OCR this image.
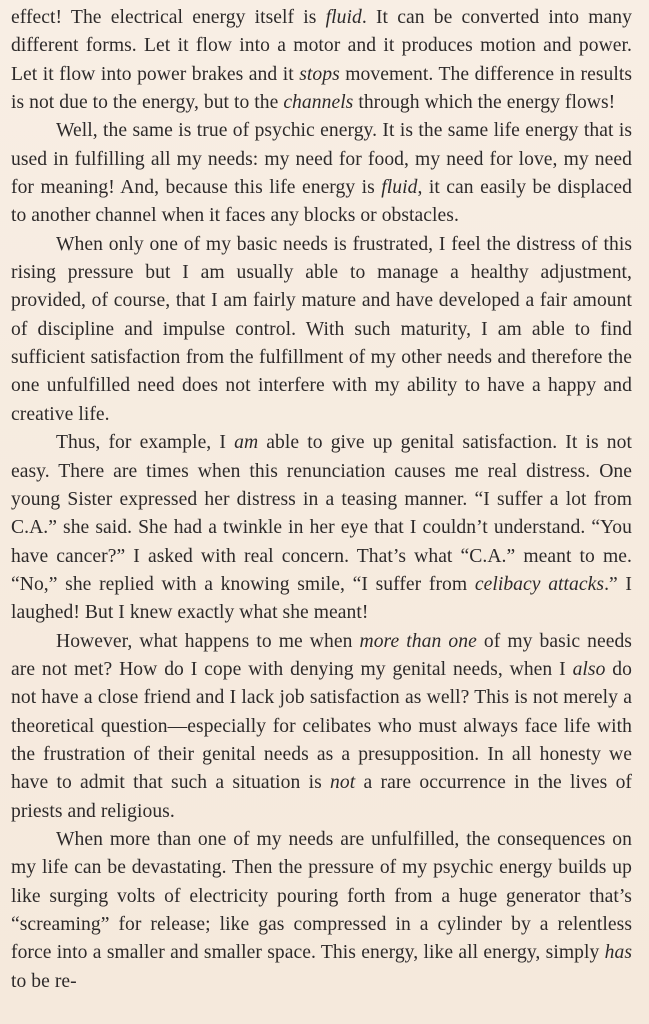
effect! The electrical energy itself is fluid. It can be converted into many different forms. Let it flow into a motor and it produces motion and power. Let it flow into power brakes and it stops movement. The difference in results is not due to the energy, but to the channels through which the energy flows!

Well, the same is true of psychic energy. It is the same life energy that is used in fulfilling all my needs: my need for food, my need for love, my need for meaning! And, because this life energy is fluid, it can easily be displaced to another channel when it faces any blocks or obstacles.

When only one of my basic needs is frustrated, I feel the distress of this rising pressure but I am usually able to manage a healthy adjustment, provided, of course, that I am fairly mature and have developed a fair amount of discipline and impulse control. With such maturity, I am able to find sufficient satisfaction from the fulfillment of my other needs and therefore the one unfulfilled need does not interfere with my ability to have a happy and creative life.

Thus, for example, I am able to give up genital satisfaction. It is not easy. There are times when this renunciation causes me real distress. One young Sister expressed her distress in a teasing manner. “I suffer a lot from C.A.” she said. She had a twinkle in her eye that I couldn’t understand. “You have cancer?” I asked with real concern. That’s what “C.A.” meant to me. “No,” she replied with a knowing smile, “I suffer from celibacy attacks.” I laughed! But I knew exactly what she meant!

However, what happens to me when more than one of my basic needs are not met? How do I cope with denying my genital needs, when I also do not have a close friend and I lack job satisfaction as well? This is not merely a theoretical question—especially for celibates who must always face life with the frustration of their genital needs as a presupposition. In all honesty we have to admit that such a situation is not a rare occurrence in the lives of priests and religious.

When more than one of my needs are unfulfilled, the consequences on my life can be devastating. Then the pressure of my psychic energy builds up like surging volts of electricity pouring forth from a huge generator that’s “screaming” for release; like gas compressed in a cylinder by a relentless force into a smaller and smaller space. This energy, like all energy, simply has to be re-
